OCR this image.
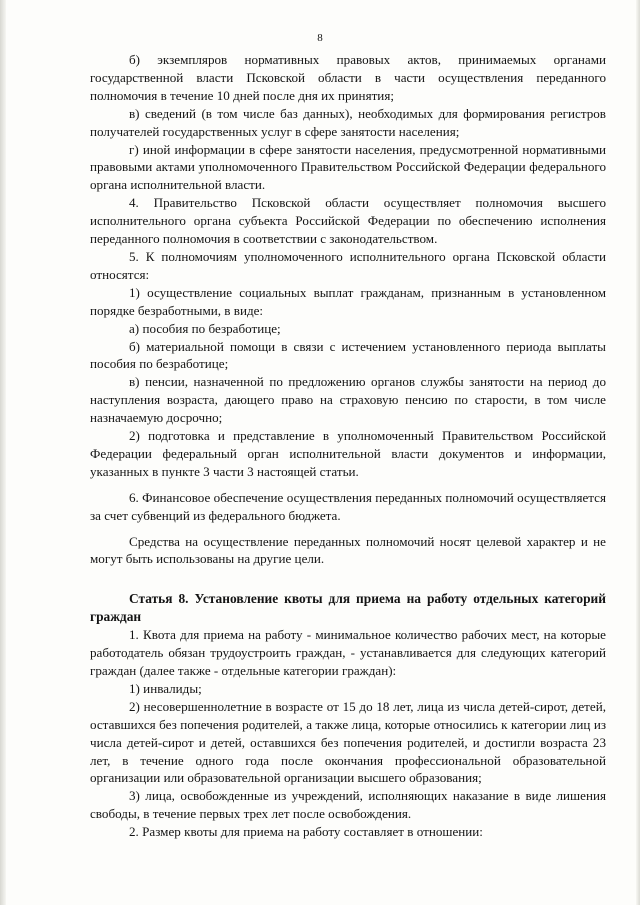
8

б) экземпляров нормативных правовых актов, принимаемых органами государственной власти Псковской области в части осуществления переданного полномочия в течение 10 дней после дня их принятия;

в) сведений (в том числе баз данных), необходимых для формирования регистров получателей государственных услуг в сфере занятости населения;

г) иной информации в сфере занятости населения, предусмотренной нормативными правовыми актами уполномоченного Правительством Российской Федерации федерального органа исполнительной власти.

4. Правительство Псковской области осуществляет полномочия высшего исполнительного органа субъекта Российской Федерации по обеспечению исполнения переданного полномочия в соответствии с законодательством.

5. К полномочиям уполномоченного исполнительного органа Псковской области относятся:

1) осуществление социальных выплат гражданам, признанным в установленном порядке безработными, в виде:

а) пособия по безработице;

б) материальной помощи в связи с истечением установленного периода выплаты пособия по безработице;

в) пенсии, назначенной по предложению органов службы занятости на период до наступления возраста, дающего право на страховую пенсию по старости, в том числе назначаемую досрочно;

2) подготовка и представление в уполномоченный Правительством Российской Федерации федеральный орган исполнительной власти документов и информации, указанных в пункте 3 части 3 настоящей статьи.

6. Финансовое обеспечение осуществления переданных полномочий осуществляется за счет субвенций из федерального бюджета.

Средства на осуществление переданных полномочий носят целевой характер и не могут быть использованы на другие цели.

Статья 8. Установление квоты для приема на работу отдельных категорий граждан

1. Квота для приема на работу - минимальное количество рабочих мест, на которые работодатель обязан трудоустроить граждан, - устанавливается для следующих категорий граждан (далее также - отдельные категории граждан):

1) инвалиды;

2) несовершеннолетние в возрасте от 15 до 18 лет, лица из числа детей-сирот, детей, оставшихся без попечения родителей, а также лица, которые относились к категории лиц из числа детей-сирот и детей, оставшихся без попечения родителей, и достигли возраста 23 лет, в течение одного года после окончания профессиональной образовательной организации или образовательной организации высшего образования;

3) лица, освобожденные из учреждений, исполняющих наказание в виде лишения свободы, в течение первых трех лет после освобождения.

2. Размер квоты для приема на работу составляет в отношении:
